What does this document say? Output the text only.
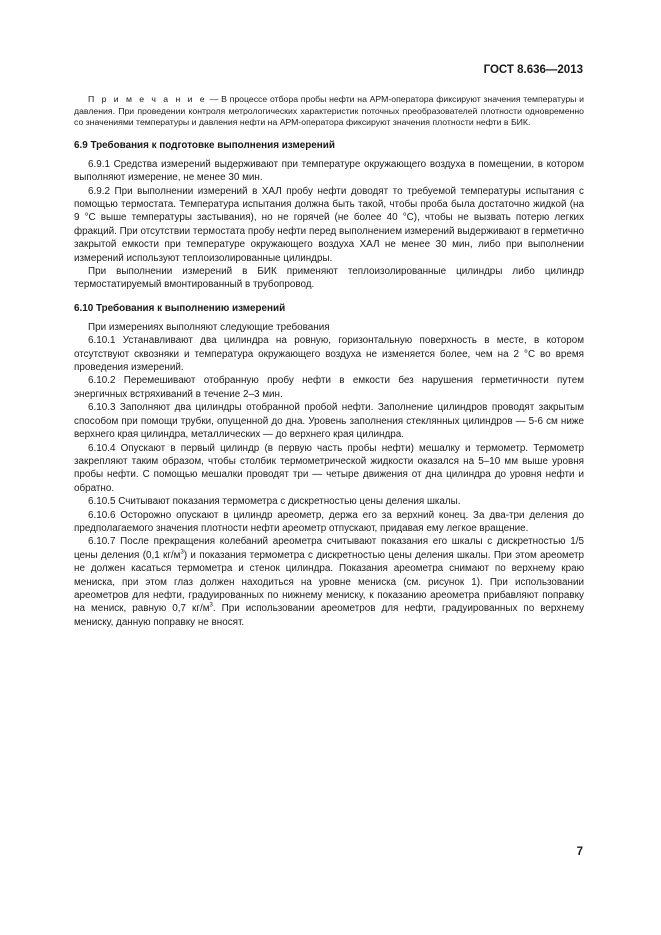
ГОСТ 8.636—2013

П р и м е ч а н и е — В процессе отбора пробы нефти на АРМ-оператора фиксируют значения температуры и давления. При проведении контроля метрологических характеристик поточных преобразователей плотности одновременно со значениями температуры и давления нефти на АРМ-оператора фиксируют значения плотности нефти в БИК.

6.9 Требования к подготовке выполнения измерений

6.9.1 Средства измерений выдерживают при температуре окружающего воздуха в помещении, в котором выполняют измерение, не менее 30 мин.

6.9.2 При выполнении измерений в ХАЛ пробу нефти доводят то требуемой температуры испытания с помощью термостата. Температура испытания должна быть такой, чтобы проба была достаточно жидкой (на 9 °С выше температуры застывания), но не горячей (не более 40 °С), чтобы не вызвать потерю легких фракций. При отсутствии термостата пробу нефти перед выполнением измерений выдерживают в герметично закрытой емкости при температуре окружающего воздуха ХАЛ не менее 30 мин, либо при выполнении измерений используют теплоизолированные цилиндры.

При выполнении измерений в БИК применяют теплоизолированные цилиндры либо цилиндр термостатируемый вмонтированный в трубопровод.

6.10 Требования к выполнению измерений

При измерениях выполняют следующие требования

6.10.1 Устанавливают два цилиндра на ровную, горизонтальную поверхность в месте, в котором отсутствуют сквозняки и температура окружающего воздуха не изменяется более, чем на 2 °С во время проведения измерений.

6.10.2 Перемешивают отобранную пробу нефти в емкости без нарушения герметичности путем энергичных встряхиваний в течение 2–3 мин.

6.10.3 Заполняют два цилиндры отобранной пробой нефти. Заполнение цилиндров проводят закрытым способом при помощи трубки, опущенной до дна. Уровень заполнения стеклянных цилиндров — 5-6 см ниже верхнего края цилиндра, металлических — до верхнего края цилиндра.

6.10.4 Опускают в первый цилиндр (в первую часть пробы нефти) мешалку и термометр. Термометр закрепляют таким образом, чтобы столбик термометрической жидкости оказался на 5–10 мм выше уровня пробы нефти. С помощью мешалки проводят три — четыре движения от дна цилиндра до уровня нефти и обратно.

6.10.5 Считывают показания термометра с дискретностью цены деления шкалы.

6.10.6 Осторожно опускают в цилиндр ареометр, держа его за верхний конец. За два-три деления до предполагаемого значения плотности нефти ареометр отпускают, придавая ему легкое вращение.

6.10.7 После прекращения колебаний ареометра считывают показания его шкалы с дискретностью 1/5 цены деления (0,1 $кг/м^3$) и показания термометра с дискретностью цены деления шкалы. При этом ареометр не должен касаться термометра и стенок цилиндра. Показания ареометра снимают по верхнему краю мениска, при этом глаз должен находиться на уровне мениска (см. рисунок 1). При использовании ареометров для нефти, градуированных по нижнему мениску, к показанию ареометра прибавляют поправку на мениск, равную 0,7 $кг/м^3$. При использовании ареометров для нефти, градуированных по верхнему мениску, данную поправку не вносят.

7
